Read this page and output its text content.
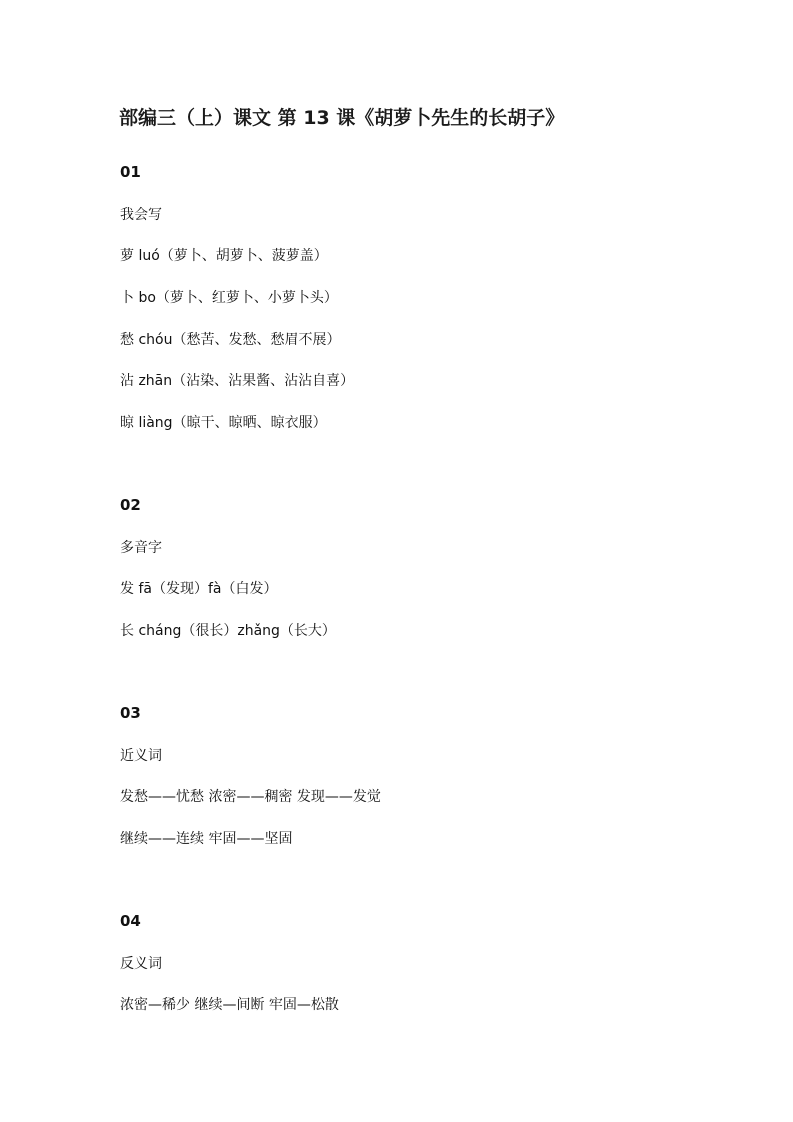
部编三（上）课文 第 13 课《胡萝卜先生的长胡子》

01

我会写

萝 luó（萝卜、胡萝卜、菠萝盖）

卜 bo（萝卜、红萝卜、小萝卜头）

愁 chóu（愁苦、发愁、愁眉不展）

沾 zhān（沾染、沾果酱、沾沾自喜）

晾 liàng（晾干、晾晒、晾衣服）

02

多音字

发 fā（发现）fà（白发）

长 cháng（很长）zhǎng（长大）

03

近义词

发愁——忧愁 浓密——稠密 发现——发觉

继续——连续 牢固——坚固

04

反义词

浓密—稀少 继续—间断 牢固—松散
